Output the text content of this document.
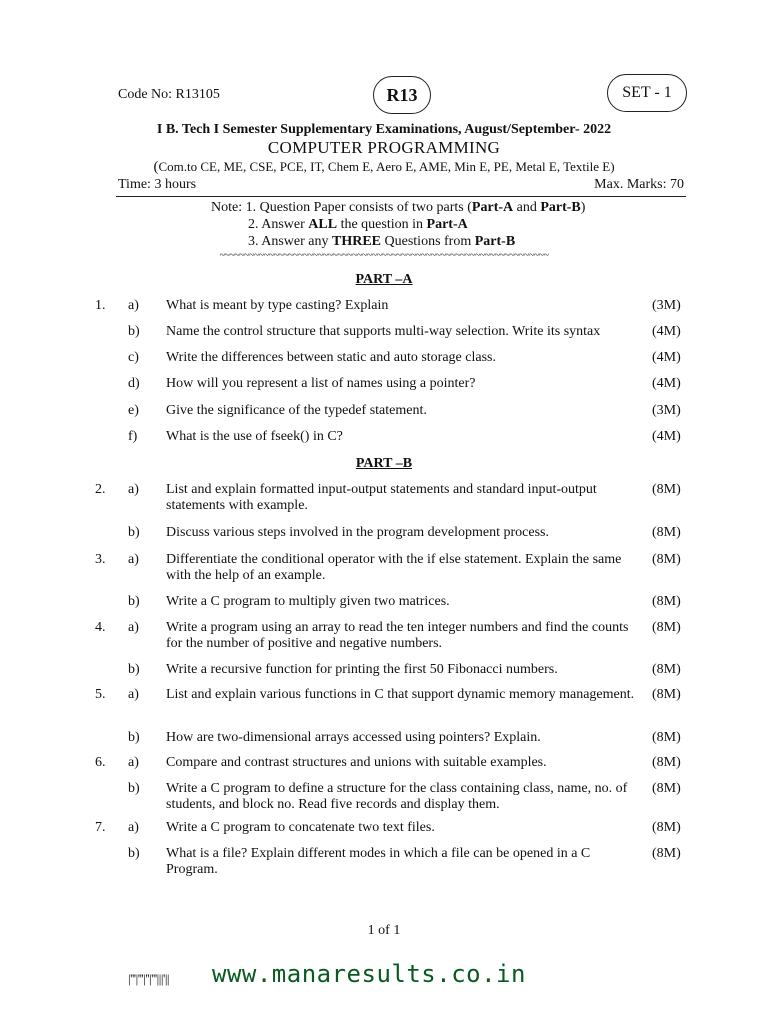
Code No: R13105	R13	SET - 1
I B. Tech I Semester Supplementary Examinations, August/September- 2022
COMPUTER PROGRAMMING
(Com.to CE, ME, CSE, PCE, IT, Chem E, Aero E, AME, Min E, PE, Metal E, Textile E)
Time: 3 hours	Max. Marks: 70
Note: 1. Question Paper consists of two parts (Part-A and Part-B)
2. Answer ALL the question in Part-A
3. Answer any THREE Questions from Part-B
~~~~~~~~~~~~~~~~~~~~~~~~~~~~~~~~~~~~~~~~~~~~~~~~~~~~~~~~~~~~~~~~~~~
PART –A
1. a) What is meant by type casting? Explain	(3M)
b) Name the control structure that supports multi-way selection. Write its syntax	(4M)
c) Write the differences between static and auto storage class.	(4M)
d) How will you represent a list of names using a pointer?	(4M)
e) Give the significance of the typedef statement.	(3M)
f) What is the use of fseek() in C?	(4M)
PART –B
2. a) List and explain formatted input-output statements and standard input-output statements with example.
(8M)
b) Discuss various steps involved in the program development process.	(8M)
3. a) Differentiate the conditional operator with the if else statement. Explain the same with the help of an example.
(8M)
b) Write a C program to multiply given two matrices.	(8M)
4. a) Write a program using an array to read the ten integer numbers and find the counts for the number of positive and negative numbers.
(8M)
b) Write a recursive function for printing the first 50 Fibonacci numbers.	(8M)
5. a) List and explain various functions in C that support dynamic memory management.	(8M)
b) How are two-dimensional arrays accessed using pointers? Explain.	(8M)
6. a) Compare and contrast structures and unions with suitable examples.	(8M)
b) Write a C program to define a structure for the class containing class, name, no. of students, and block no. Read five records and display them.
(8M)
7. a) Write a C program to concatenate two text files.	(8M)
b) What is a file? Explain different modes in which a file can be opened in a C Program.
(8M)
1 of 1
|'''|'''|''|'''|||'|| www.manaresults.co.in
